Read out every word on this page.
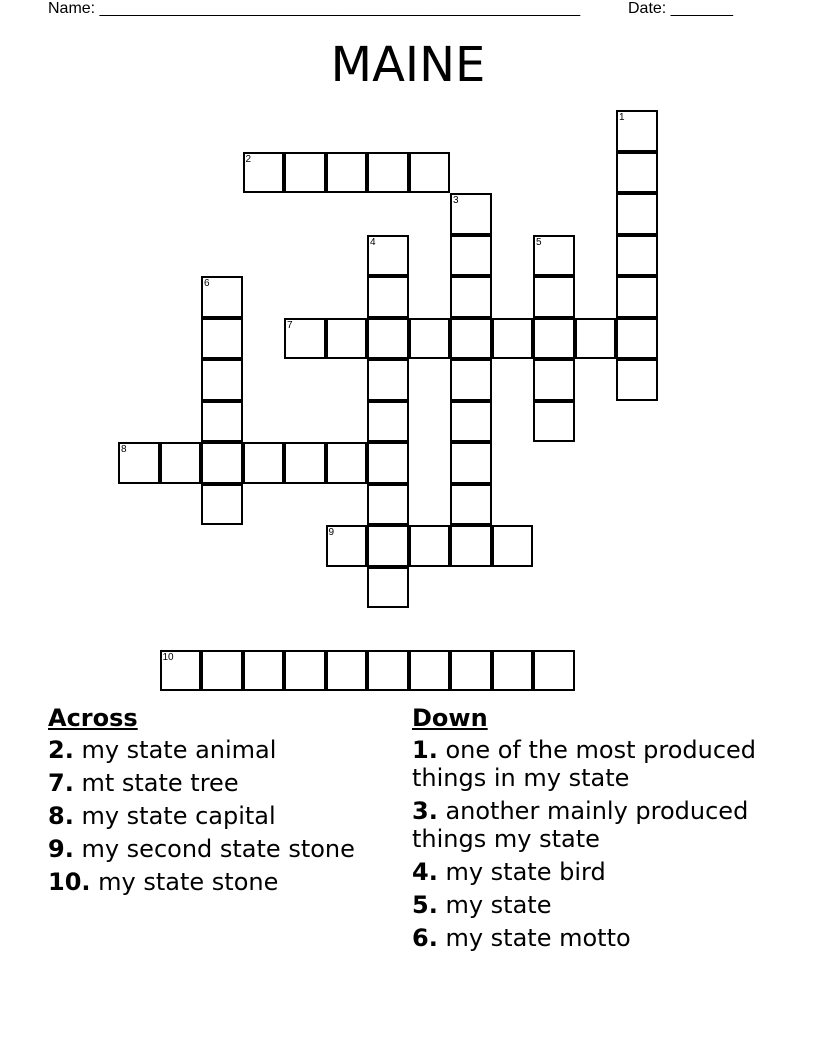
Name: ______________________________________________________	Date: _______
MAINE
1
2
3
4	5
6
7
8
9
10
Across
2. my state animal
7. mt state tree
8. my state capital
9. my second state stone
10. my state stone
Down
1. one of the most produced things in my state
3. another mainly produced things my state
4. my state bird
5. my state
6. my state motto
